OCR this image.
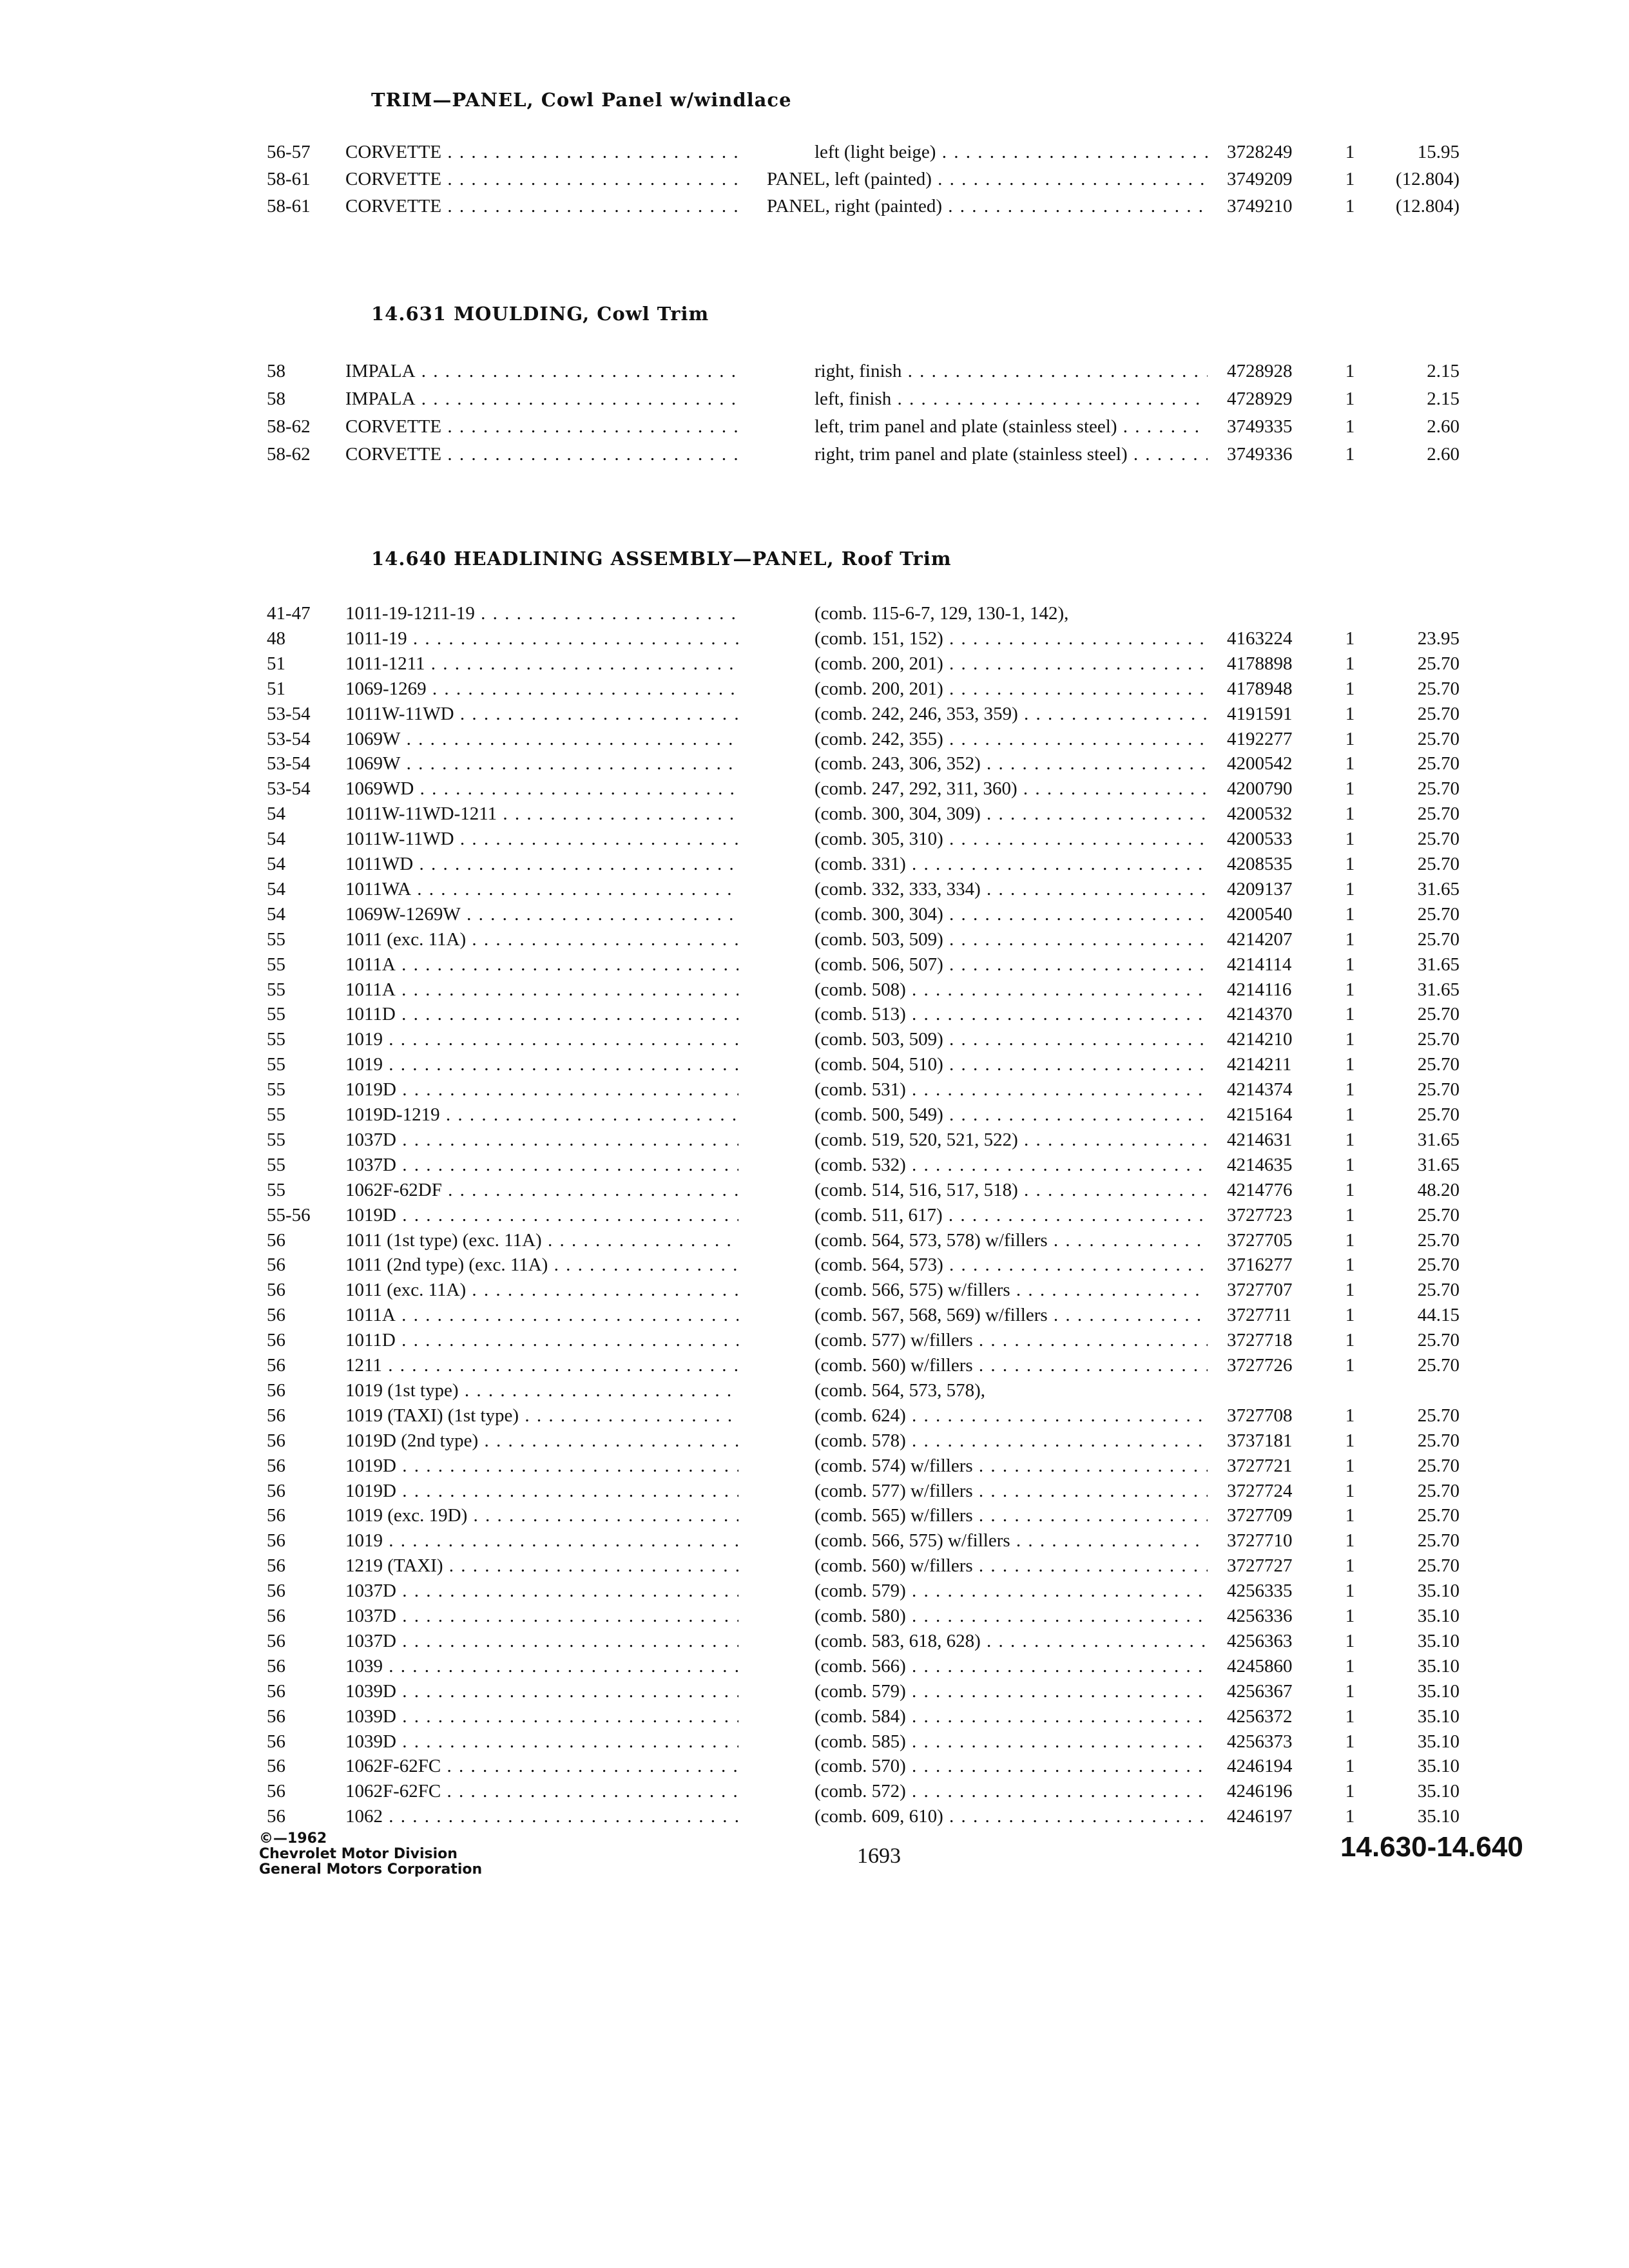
TRIM—PANEL, Cowl Panel w/windlace
56-57 CORVETTE . . .	left (light beige) . . .	3728249	1	15.95
58-61 CORVETTE . . .	PANEL, left (painted) . . .	3749209	1	(12.804)
58-61 CORVETTE . . .	PANEL, right (painted) . . .	3749210	1	(12.804)
14.631 MOULDING, Cowl Trim
58	IMPALA . . .	right, finish . . .	4728928	1	2.15
58	IMPALA . . .	left, finish . . .	4728929	1	2.15
58-62 CORVETTE . . .	left, trim panel and plate (stainless steel) . . .	3749335	1	2.60
58-62 CORVETTE . . .	right, trim panel and plate (stainless steel) . . .	3749336	1	2.60
14.640 HEADLINING ASSEMBLY—PANEL, Roof Trim
41-47 1011-19-1211-19 . . .	(comb. 115-6-7, 129, 130-1, 142),
48	1011-19 . . .	(comb. 151, 152) . . .	4163224	1	23.95
51	1011-1211 . . .	(comb. 200, 201) . . .	4178898	1	25.70
51	1069-1269 . . .	(comb. 200, 201) . . .	4178948	1	25.70
53-54 1011W-11WD . . .	(comb. 242, 246, 353, 359) . . .	4191591	1	25.70
53-54 1069W . . .	(comb. 242, 355) . . .	4192277	1	25.70
53-54 1069W . . .	(comb. 243, 306, 352) . . .	4200542	1	25.70
53-54 1069WD . . .	(comb. 247, 292, 311, 360) . . .	4200790	1	25.70
54	1011W-11WD-1211 . . .	(comb. 300, 304, 309) . . .	4200532	1	25.70
54	1011W-11WD . . .	(comb. 305, 310) . . .	4200533	1	25.70
54	1011WD . . .	(comb. 331) . . .	4208535	1	25.70
54	1011WA . . .	(comb. 332, 333, 334) . . .	4209137	1	31.65
54	1069W-1269W . . .	(comb. 300, 304) . . .	4200540	1	25.70
55	1011 (exc. 11A) . . .	(comb. 503, 509) . . .	4214207	1	25.70
55	1011A . . .	(comb. 506, 507) . . .	4214114	1	31.65
55	1011A . . .	(comb. 508) . . .	4214116	1	31.65
55	1011D . . .	(comb. 513) . . .	4214370	1	25.70
55	1019 . . .	(comb. 503, 509) . . .	4214210	1	25.70
55	1019 . . .	(comb. 504, 510) . . .	4214211	1	25.70
55	1019D . . .	(comb. 531) . . .	4214374	1	25.70
55	1019D-1219 . . .	(comb. 500, 549) . . .	4215164	1	25.70
55	1037D . . .	(comb. 519, 520, 521, 522) . . .	4214631	1	31.65
55	1037D . . .	(comb. 532) . . .	4214635	1	31.65
55	1062F-62DF . . .	(comb. 514, 516, 517, 518) . . .	4214776	1	48.20
55-56 1019D . . .	(comb. 511, 617) . . .	3727723	1	25.70
56	1011 (1st type) (exc. 11A) . . .	(comb. 564, 573, 578) w/fillers . . .	3727705	1	25.70
56	1011 (2nd type) (exc. 11A) . . .	(comb. 564, 573) . . .	3716277	1	25.70
56	1011 (exc. 11A) . . .	(comb. 566, 575) w/fillers . . .	3727707	1	25.70
56	1011A . . .	(comb. 567, 568, 569) w/fillers . . .	3727711	1	44.15
56	1011D . . .	(comb. 577) w/fillers . . .	3727718	1	25.70
56	1211 . . .	(comb. 560) w/fillers . . .	3727726	1	25.70
56	1019 (1st type) . . .	(comb. 564, 573, 578),
56	1019 (TAXI) (1st type) . . .	(comb. 624) . . .	3727708	1	25.70
56	1019D (2nd type) . . .	(comb. 578) . . .	3737181	1	25.70
56	1019D . . .	(comb. 574) w/fillers . . .	3727721	1	25.70
56	1019D . . .	(comb. 577) w/fillers . . .	3727724	1	25.70
56	1019 (exc. 19D) . . .	(comb. 565) w/fillers . . .	3727709	1	25.70
56	1019 . . .	(comb. 566, 575) w/fillers . . .	3727710	1	25.70
56	1219 (TAXI) . . .	(comb. 560) w/fillers . . .	3727727	1	25.70
56	1037D . . .	(comb. 579) . . .	4256335	1	35.10
56	1037D . . .	(comb. 580) . . .	4256336	1	35.10
56	1037D . . .	(comb. 583, 618, 628) . . .	4256363	1	35.10
56	1039 . . .	(comb. 566) . . .	4245860	1	35.10
56	1039D . . .	(comb. 579) . . .	4256367	1	35.10
56	1039D . . .	(comb. 584) . . .	4256372	1	35.10
56	1039D . . .	(comb. 585) . . .	4256373	1	35.10
56	1062F-62FC . . .	(comb. 570) . . .	4246194	1	35.10
56	1062F-62FC . . .	(comb. 572) . . .	4246196	1	35.10
56	1062 . . .	(comb. 609, 610) . . .	4246197	1	35.10
©—1962
Chevrolet Motor Division
General Motors Corporation
1693	14.630-14.640
